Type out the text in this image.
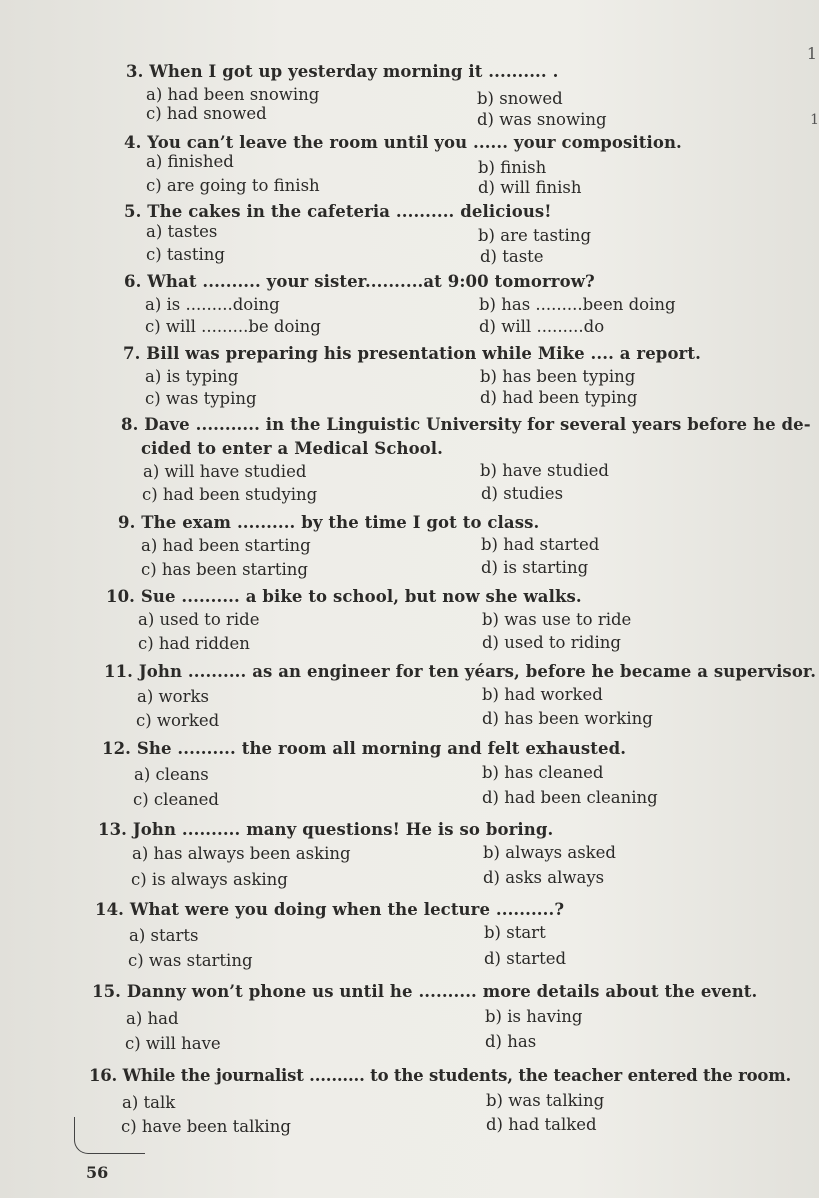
1
1
3. When I got up yesterday morning it .......... .
a) had been snowing	b) snowed
c) had snowed	d) was snowing
4. You can’t leave the room until you ...... your composition.
a) finished	b) finish
c) are going to finish	d) will finish
5. The cakes in the cafeteria .......... delicious!
a) tastes	b) are tasting
c) tasting	d) taste
6. What .......... your sister..........at 9:00 tomorrow?
a) is .........doing	b) has .........been doing
c) will .........be doing	d) will .........do
7. Bill was preparing his presentation while Mike .... a report.
a) is typing	b) has been typing
c) was typing	d) had been typing
8. Dave ........... in the Linguistic University for several years before he de-
cided to enter a Medical School.
a) will have studied	b) have studied
c) had been studying	d) studies
9. The exam .......... by the time I got to class.
a) had been starting	b) had started
c) has been starting	d) is starting
10. Sue .......... a bike to school, but now she walks.
a) used to ride	b) was use to ride
c) had ridden	d) used to riding
11. John .......... as an engineer for ten yéars, before he became a supervisor.
a) works	b) had worked
c) worked	d) has been working
12. She .......... the room all morning and felt exhausted.
a) cleans	b) has cleaned
c) cleaned	d) had been cleaning
13. John .......... many questions! He is so boring.
a) has always been asking	b) always asked
c) is always asking	d) asks always
14. What were you doing when the lecture ..........?
a) starts	b) start
c) was starting	d) started
15. Danny won’t phone us until he .......... more details about the event.
a) had	b) is having
c) will have	d) has
16. While the journalist .......... to the students, the teacher entered the room.
a) talk	b) was talking
c) have been talking	d) had talked
56
